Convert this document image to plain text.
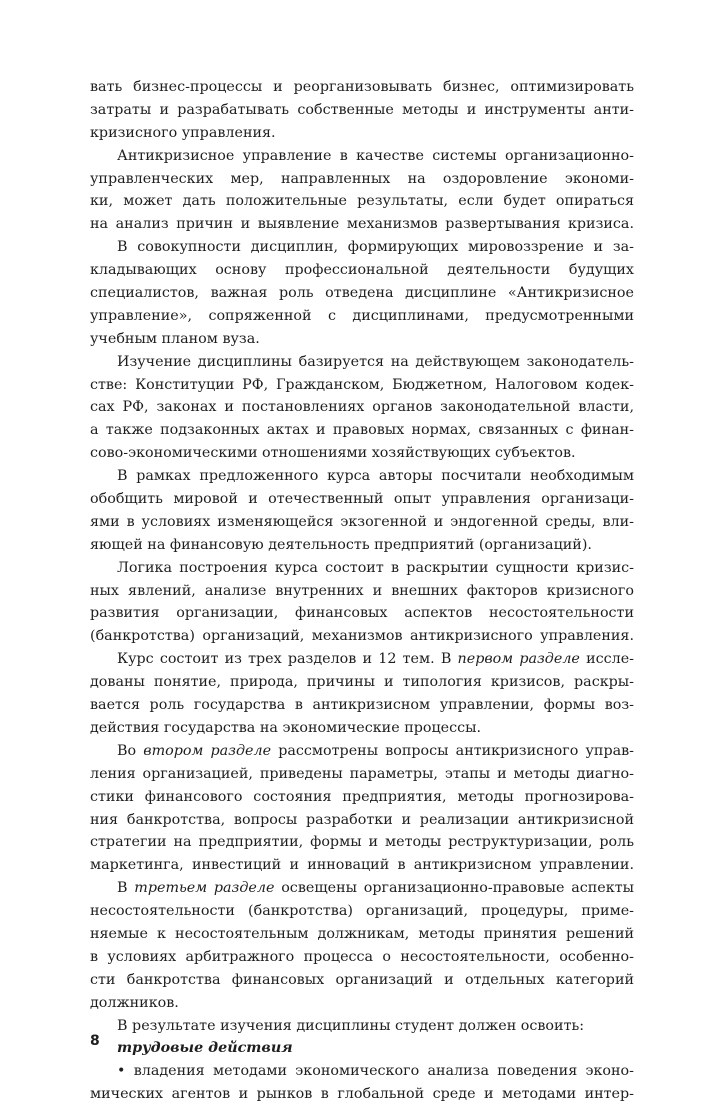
вать бизнес-процессы и реорганизовывать бизнес, оптимизировать
затраты и разрабатывать собственные методы и инструменты анти-
кризисного управления.
Антикризисное управление в качестве системы организационно-
управленческих мер, направленных на оздоровление экономи-
ки, может дать положительные результаты, если будет опираться
на анализ причин и выявление механизмов развертывания кризиса.
В совокупности дисциплин, формирующих мировоззрение и за-
кладывающих основу профессиональной деятельности будущих
специалистов, важная роль отведена дисциплине «Антикризисное
управление», сопряженной с дисциплинами, предусмотренными
учебным планом вуза.
Изучение дисциплины базируется на действующем законодатель-
стве: Конституции РФ, Гражданском, Бюджетном, Налоговом кодек-
сах РФ, законах и постановлениях органов законодательной власти,
а также подзаконных актах и правовых нормах, связанных с финан-
сово-экономическими отношениями хозяйствующих субъектов.
В рамках предложенного курса авторы посчитали необходимым
обобщить мировой и отечественный опыт управления организаци-
ями в условиях изменяющейся экзогенной и эндогенной среды, вли-
яющей на финансовую деятельность предприятий (организаций).
Логика построения курса состоит в раскрытии сущности кризис-
ных явлений, анализе внутренних и внешних факторов кризисного
развития организации, финансовых аспектов несостоятельности
(банкротства) организаций, механизмов антикризисного управления.
Курс состоит из трех разделов и 12 тем. В первом разделе иссле-
дованы понятие, природа, причины и типология кризисов, раскры-
вается роль государства в антикризисном управлении, формы воз-
действия государства на экономические процессы.
Во втором разделе рассмотрены вопросы антикризисного управ-
ления организацией, приведены параметры, этапы и методы диагно-
стики финансового состояния предприятия, методы прогнозирова-
ния банкротства, вопросы разработки и реализации антикризисной
стратегии на предприятии, формы и методы реструктуризации, роль
маркетинга, инвестиций и инноваций в антикризисном управлении.
В третьем разделе освещены организационно-правовые аспекты
несостоятельности (банкротства) организаций, процедуры, приме-
няемые к несостоятельным должникам, методы принятия решений
в условиях арбитражного процесса о несостоятельности, особенно-
сти банкротства финансовых организаций и отдельных категорий
должников.
В результате изучения дисциплины студент должен освоить:
трудовые действия
• владения методами экономического анализа поведения эконо-
мических агентов и рынков в глобальной среде и методами интер-
8
